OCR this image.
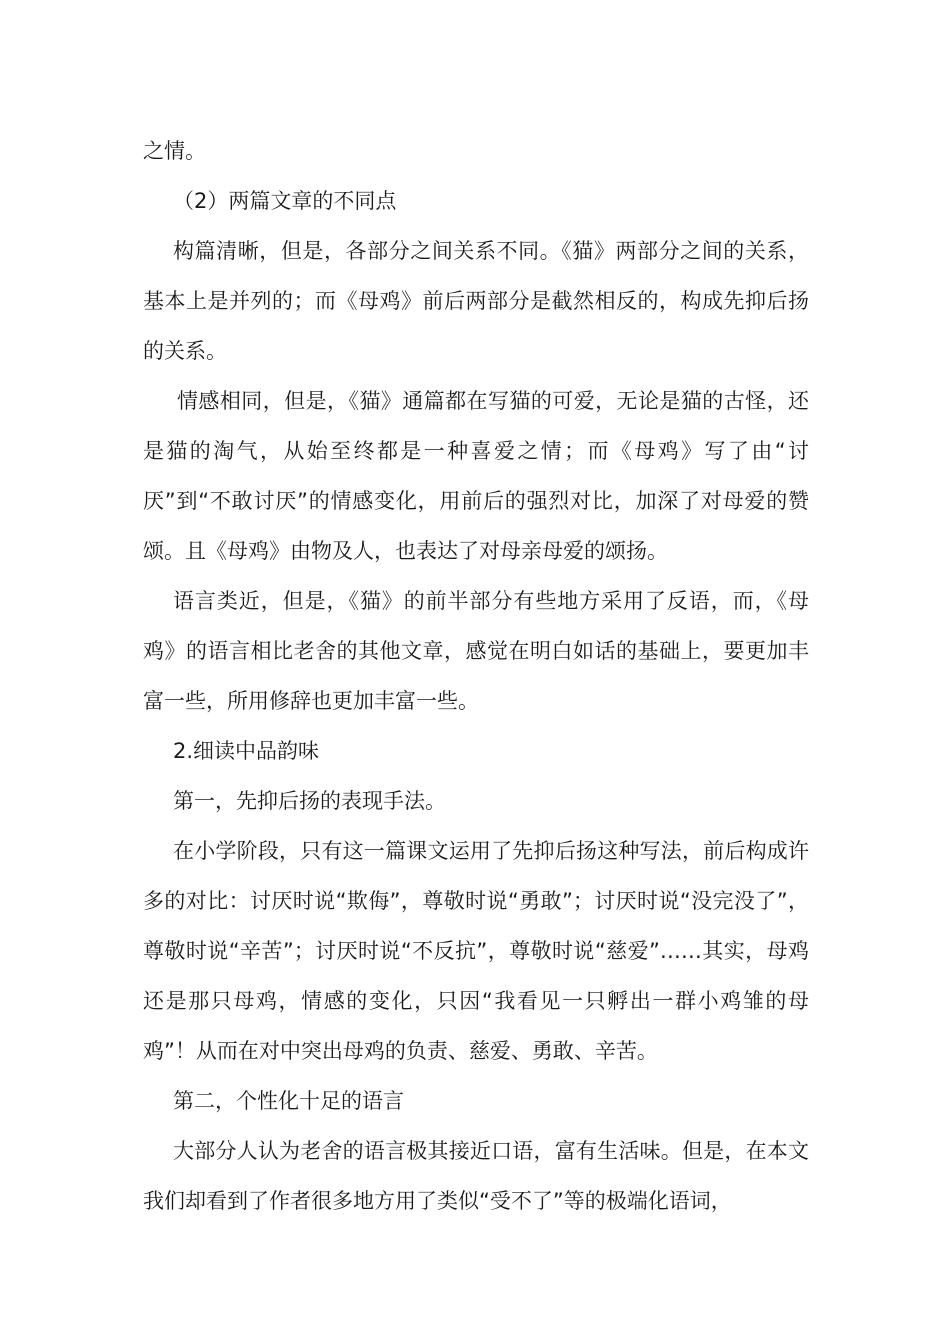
之情。

（2）两篇文章的不同点

构篇清晰，但是，各部分之间关系不同。《猫》两部分之间的关系，基本上是并列的；而《母鸡》前后两部分是截然相反的，构成先抑后扬的关系。

情感相同，但是，《猫》通篇都在写猫的可爱，无论是猫的古怪，还是猫的淘气，从始至终都是一种喜爱之情；而《母鸡》写了由“讨厌”到“不敢讨厌”的情感变化，用前后的强烈对比，加深了对母爱的赞颂。且《母鸡》由物及人，也表达了对母亲母爱的颂扬。

语言类近，但是，《猫》的前半部分有些地方采用了反语，而，《母鸡》的语言相比老舍的其他文章，感觉在明白如话的基础上，要更加丰富一些，所用修辞也更加丰富一些。

2.细读中品韵味

第一，先抑后扬的表现手法。

在小学阶段，只有这一篇课文运用了先抑后扬这种写法，前后构成许多的对比：讨厌时说“欺侮”，尊敬时说“勇敢”；讨厌时说“没完没了”，尊敬时说“辛苦”；讨厌时说“不反抗”，尊敬时说“慈爱”……其实，母鸡还是那只母鸡，情感的变化，只因“我看见一只孵出一群小鸡雏的母鸡”！从而在对中突出母鸡的负责、慈爱、勇敢、辛苦。

第二，个性化十足的语言

大部分人认为老舍的语言极其接近口语，富有生活味。但是，在本文我们却看到了作者很多地方用了类似“受不了”等的极端化语词，
